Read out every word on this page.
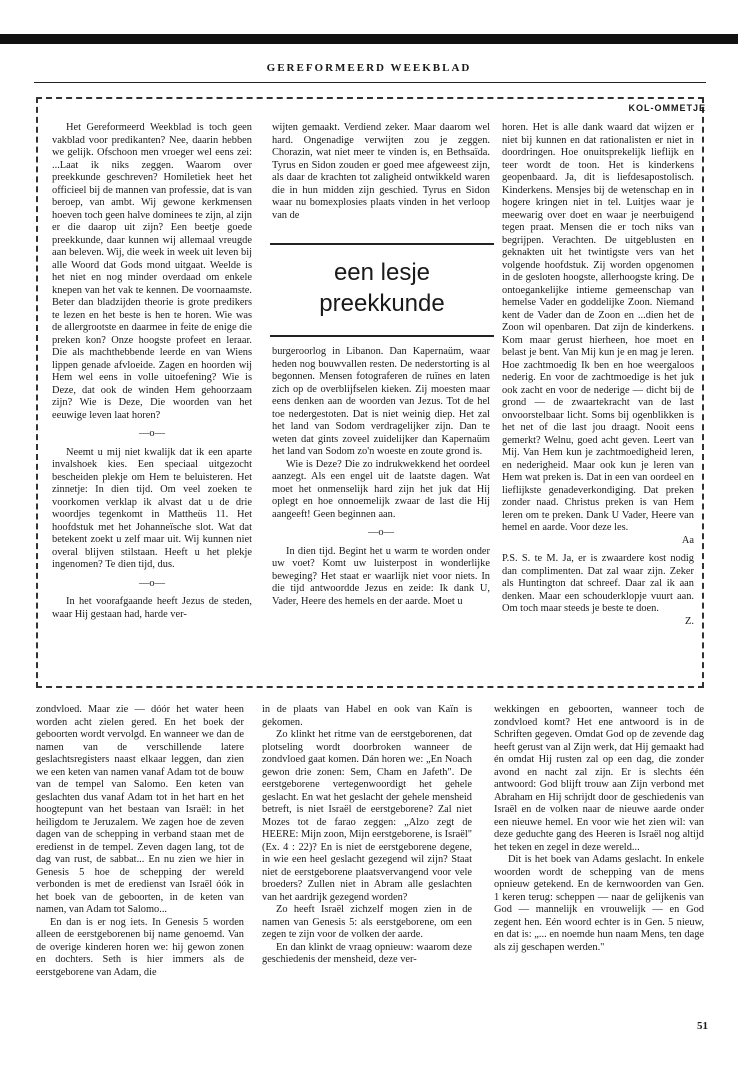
GEREFORMEERD WEEKBLAD
KOL-OMMETJE

Het Gereformeerd Weekblad is toch geen vakblad voor predikanten? Nee, daarin hebben we gelijk. Ofschoon men vroeger wel eens zei: ...Laat ik niks zeggen. Waarom over preekkunde geschreven? Homiletiek heet het officieel bij de mannen van professie, dat is van beroep, van ambt. Wij gewone kerkmensen hoeven toch geen halve dominees te zijn, al zijn er die daarop uit zijn? Een beetje goede preekkunde, daar kunnen wij allemaal vreugde aan beleven. Wij, die week in week uit leven bij alle Woord dat Gods mond uitgaat. Weelde is het niet en nog minder overdaad om enkele knepen van het vak te kennen. De voornaamste. Beter dan bladzijden theorie is grote predikers te lezen en het beste is hen te horen. Wie was de allergrootste en daarmee in feite de enige die preken kon? Onze hoogste profeet en leraar. Die als machthebbende leerde en van Wiens lippen genade afvloeide. Zagen en hoorden wij Hem wel eens in volle uitoefening? Wie is Deze, dat ook de winden Hem gehoorzaam zijn? Wie is Deze, Die woorden van het eeuwige leven laat horen?

—o—

Neemt u mij niet kwalijk dat ik een aparte invalshoek kies. Een speciaal uitgezocht bescheiden plekje om Hem te beluisteren. Het zinnetje: In dien tijd. Om veel zoeken te voorkomen verklap ik alvast dat u de drie woordjes tegenkomt in Mattheüs 11. Het hoofdstuk met het Johanneïsche slot. Wat dat betekent zoekt u zelf maar uit. Wij kunnen niet overal blijven stilstaan. Heeft u het plekje ingenomen? Te dien tijd, dus.

—o—

In het voorafgaande heeft Jezus de steden, waar Hij gestaan had, harde ver-

wijten gemaakt. Verdiend zeker. Maar daarom wel hard. Ongenadige verwijten zou je zeggen. Chorazin, wat niet meer te vinden is, en Bethsaïda. Tyrus en Sidon zouden er goed mee afgeweest zijn, als daar de krachten tot zaligheid ontwikkeld waren die in hun midden zijn geschied. Tyrus en Sidon waar nu bomexplosies plaats vinden in het verloop van de

een lesje
preekkunde

burgeroorlog in Libanon. Dan Kapernaüm, waar heden nog bouwvallen resten. De nederstorting is al begonnen. Mensen fotograferen de ruïnes en laten zich op de overblijfselen kieken. Zij moesten maar eens denken aan de woorden van Jezus. Tot de hel toe nedergestoten. Dat is niet weinig diep. Het zal het land van Sodom verdragelijker zijn. Dan te weten dat gints zoveel zuidelijker dan Kapernaüm het land van Sodom zo'n woeste en zoute grond is.

Wie is Deze? Die zo indrukwekkend het oordeel aanzegt. Als een engel uit de laatste dagen. Wat moet het onmenselijk hard zijn het juk dat Hij oplegt en hoe onnoemelijk zwaar de last die Hij aangeeft! Geen beginnen aan.

—o—

In dien tijd. Begint het u warm te worden onder uw voet? Komt uw luisterpost in wonderlijke beweging? Het staat er waarlijk niet voor niets. In die tijd antwoordde Jezus en zeide: Ik dank U, Vader, Heere des hemels en der aarde. Moet u

horen. Het is alle dank waard dat wijzen er niet bij kunnen en dat rationalisten er niet in doordringen. Hoe onuitsprekelijk lieflijk en teer wordt de toon. Het is kinderkens geopenbaard. Ja, dit is liefdesapostolisch. Kinderkens. Mensjes bij de wetenschap en in hogere kringen niet in tel. Luitjes waar je meewarig over doet en waar je neerbuigend tegen praat. Mensen die er toch niks van begrijpen. Verachten. De uitgeblusten en geknakten uit het twintigste vers van het volgende hoofdstuk. Zij worden opgenomen in de gesloten hoogste, allerhoogste kring. De ontoegankelijke intieme gemeenschap van hemelse Vader en goddelijke Zoon. Niemand kent de Vader dan de Zoon en ...dien het de Zoon wil openbaren. Dat zijn de kinderkens. Kom maar gerust hierheen, hoe moet en belast je bent. Van Mij kun je en mag je leren. Hoe zachtmoedig Ik ben en hoe weergaloos nederig. En voor de zachtmoedige is het juk ook zacht en voor de nederige — dicht bij de grond — de zwaartekracht van de last onvoorstelbaar licht. Soms bij ogenblikken is het net of die last jou draagt. Nooit eens gemerkt? Welnu, goed acht geven. Leert van Mij. Van Hem kun je zachtmoedigheid leren, en nederigheid. Maar ook kun je leren van Hem wat preken is. Dat in een van oordeel en lieflijkste genadeverkondiging. Dat preken zonder naad. Christus preken is van Hem leren om te preken. Dank U Vader, Heere van hemel en aarde. Voor deze les.

Aa

P.S. S. te M. Ja, er is zwaardere kost nodig dan complimenten. Dat zal waar zijn. Zeker als Huntington dat schreef. Daar zal ik aan denken. Maar een schouderklopje vuurt aan. Om toch maar steeds je beste te doen.

Z.

zondvloed. Maar zie — dóór het water heen worden acht zielen gered. En het boek der geboorten wordt vervolgd. En wanneer we dan de namen van de verschillende latere geslachtsregisters naast elkaar leggen, dan zien we een keten van namen vanaf Adam tot de bouw van de tempel van Salomo. Een keten van geslachten dus vanaf Adam tot in het hart en het hoogtepunt van het bestaan van Israël: in het heiligdom te Jeruzalem. We zagen hoe de zeven dagen van de schepping in verband staan met de eredienst in de tempel. Zeven dagen lang, tot de dag van rust, de sabbat... En nu zien we hier in Genesis 5 hoe de schepping der wereld verbonden is met de eredienst van Israël óók in het boek van de geboorten, in de keten van namen, van Adam tot Salomo...

En dan is er nog iets. In Genesis 5 worden alleen de eerstgeborenen bij name genoemd. Van de overige kinderen horen we: hij gewon zonen en dochters. Seth is hier immers als de eerstgeborene van Adam, die

in de plaats van Habel en ook van Kaïn is gekomen.

Zo klinkt het ritme van de eerstgeborenen, dat plotseling wordt doorbroken wanneer de zondvloed gaat komen. Dán horen we: „En Noach gewon drie zonen: Sem, Cham en Jafeth". De eerstgeborene vertegenwoordigt het gehele geslacht. En wat het geslacht der gehele mensheid betreft, is niet Israël de eerstgeborene? Zal niet Mozes tot de farao zeggen: „Alzo zegt de HEERE: Mijn zoon, Mijn eerstgeborene, is Israël" (Ex. 4 : 22)? En is niet de eerstgeborene degene, in wie een heel geslacht gezegend wil zijn? Staat niet de eerstgeborene plaatsvervangend voor vele broeders? Zullen niet in Abram alle geslachten van het aardrijk gezegend worden?

Zo heeft Israël zichzelf mogen zien in de namen van Genesis 5: als eerstgeborene, om een zegen te zijn voor de volken der aarde.

En dan klinkt de vraag opnieuw: waarom deze geschiedenis der mensheid, deze ver-

wekkingen en geboorten, wanneer toch de zondvloed komt? Het ene antwoord is in de Schriften gegeven. Omdat God op de zevende dag heeft gerust van al Zijn werk, dat Hij gemaakt had én omdat Hij rusten zal op een dag, die zonder avond en nacht zal zijn. Er is slechts één antwoord: God blijft trouw aan Zijn verbond met Abraham en Hij schrijdt door de geschiedenis van Israël en de volken naar de nieuwe aarde onder een nieuwe hemel. En voor wie het zien wil: van deze geduchte gang des Heeren is Israël nog altijd het teken en zegel in deze wereld...

Dit is het boek van Adams geslacht. In enkele woorden wordt de schepping van de mens opnieuw getekend. En de kernwoorden van Gen. 1 keren terug: scheppen — naar de gelijkenis van God — mannelijk en vrouwelijk — en God zegent hen. Eén woord echter is in Gen. 5 nieuw, en dat is: „... en noemde hun naam Mens, ten dage als zij geschapen werden."

51
